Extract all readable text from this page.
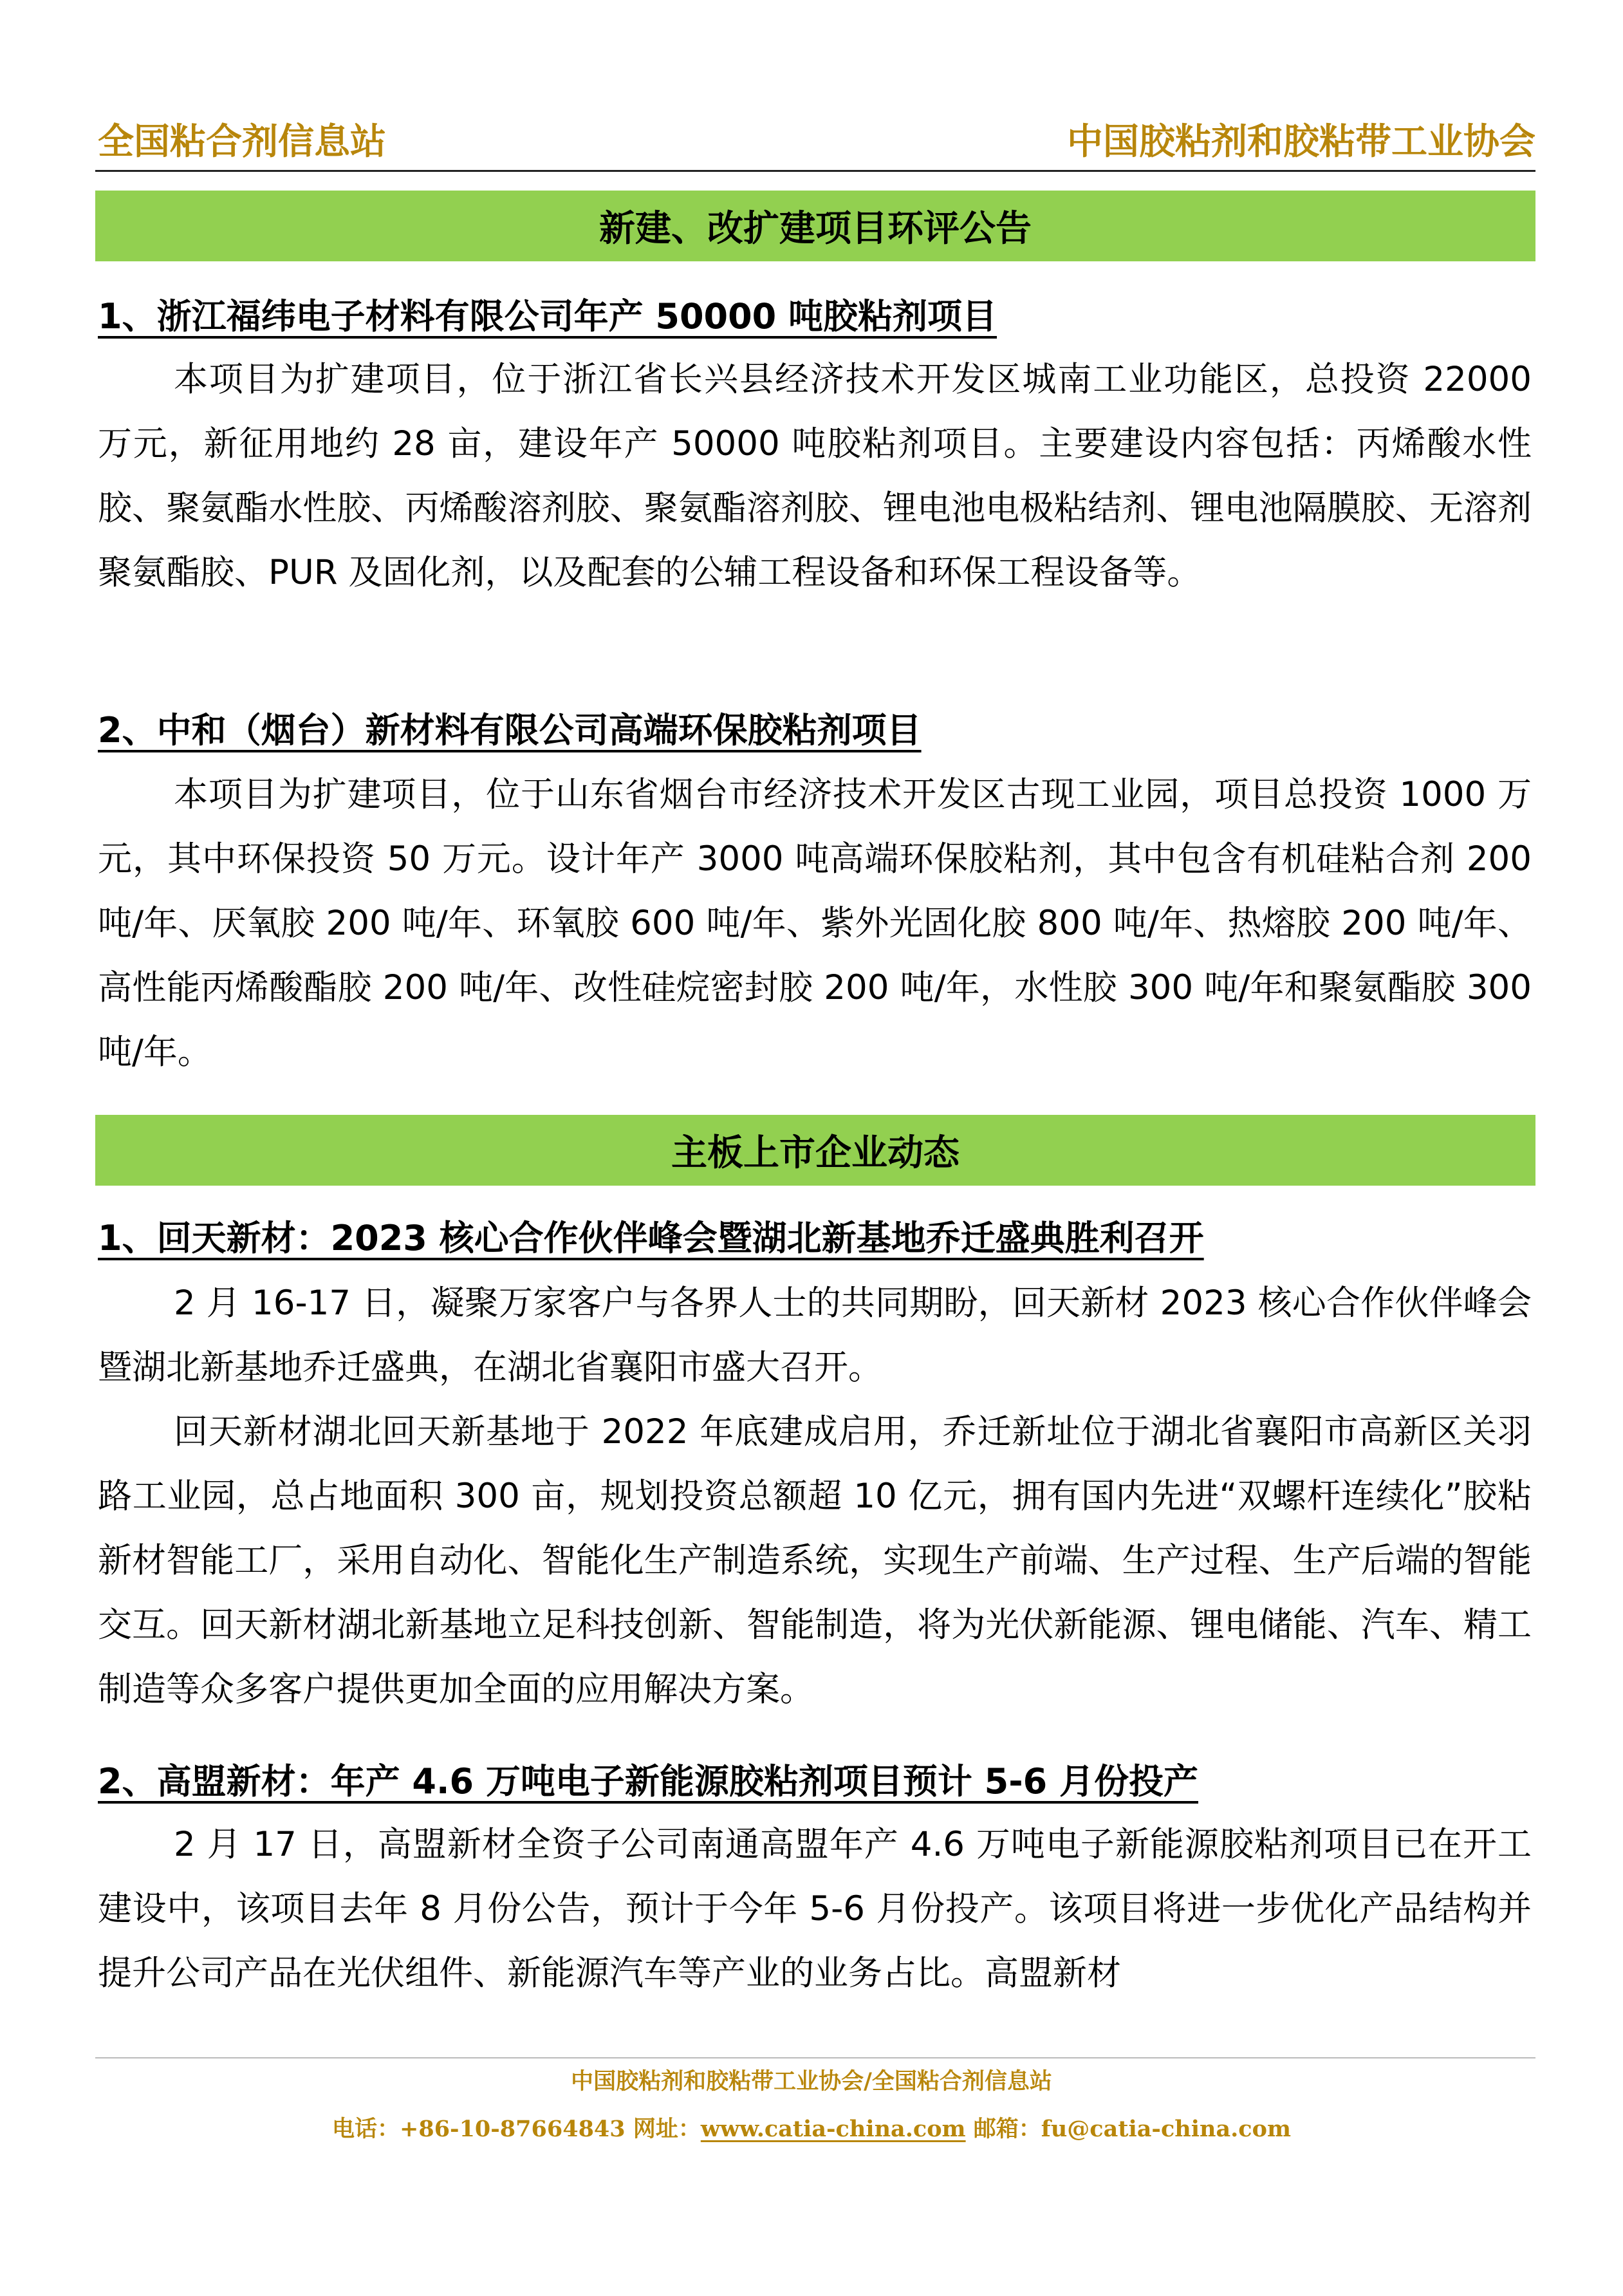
全国粘合剂信息站	中国胶粘剂和胶粘带工业协会
新建、改扩建项目环评公告
1、浙江福纬电子材料有限公司年产 50000 吨胶粘剂项目
本项目为扩建项目，位于浙江省长兴县经济技术开发区城南工业功能区，总投资 22000 万元，新征用地约 28 亩，建设年产 50000 吨胶粘剂项目。主要建设内容包括：丙烯酸水性胶、聚氨酯水性胶、丙烯酸溶剂胶、聚氨酯溶剂胶、锂电池电极粘结剂、锂电池隔膜胶、无溶剂聚氨酯胶、PUR 及固化剂，以及配套的公辅工程设备和环保工程设备等。
2、中和（烟台）新材料有限公司高端环保胶粘剂项目
本项目为扩建项目，位于山东省烟台市经济技术开发区古现工业园，项目总投资 1000 万元，其中环保投资 50 万元。设计年产 3000 吨高端环保胶粘剂，其中包含有机硅粘合剂 200 吨/年、厌氧胶 200 吨/年、环氧胶 600 吨/年、紫外光固化胶 800 吨/年、热熔胶 200 吨/年、高性能丙烯酸酯胶 200 吨/年、改性硅烷密封胶 200 吨/年，水性胶 300 吨/年和聚氨酯胶 300 吨/年。
主板上市企业动态
1、回天新材：2023 核心合作伙伴峰会暨湖北新基地乔迁盛典胜利召开
2 月 16-17 日，凝聚万家客户与各界人士的共同期盼，回天新材 2023 核心合作伙伴峰会暨湖北新基地乔迁盛典，在湖北省襄阳市盛大召开。
回天新材湖北回天新基地于 2022 年底建成启用，乔迁新址位于湖北省襄阳市高新区关羽路工业园，总占地面积 300 亩，规划投资总额超 10 亿元，拥有国内先进“双螺杆连续化”胶粘新材智能工厂，采用自动化、智能化生产制造系统，实现生产前端、生产过程、生产后端的智能交互。回天新材湖北新基地立足科技创新、智能制造，将为光伏新能源、锂电储能、汽车、精工制造等众多客户提供更加全面的应用解决方案。
2、高盟新材：年产 4.6 万吨电子新能源胶粘剂项目预计 5-6 月份投产
2 月 17 日，高盟新材全资子公司南通高盟年产 4.6 万吨电子新能源胶粘剂项目已在开工建设中，该项目去年 8 月份公告，预计于今年 5-6 月份投产。该项目将进一步优化产品结构并提升公司产品在光伏组件、新能源汽车等产业的业务占比。高盟新材
中国胶粘剂和胶粘带工业协会/全国粘合剂信息站
电话：+86-10-87664843 网址：www.catia-china.com 邮箱：fu@catia-china.com
